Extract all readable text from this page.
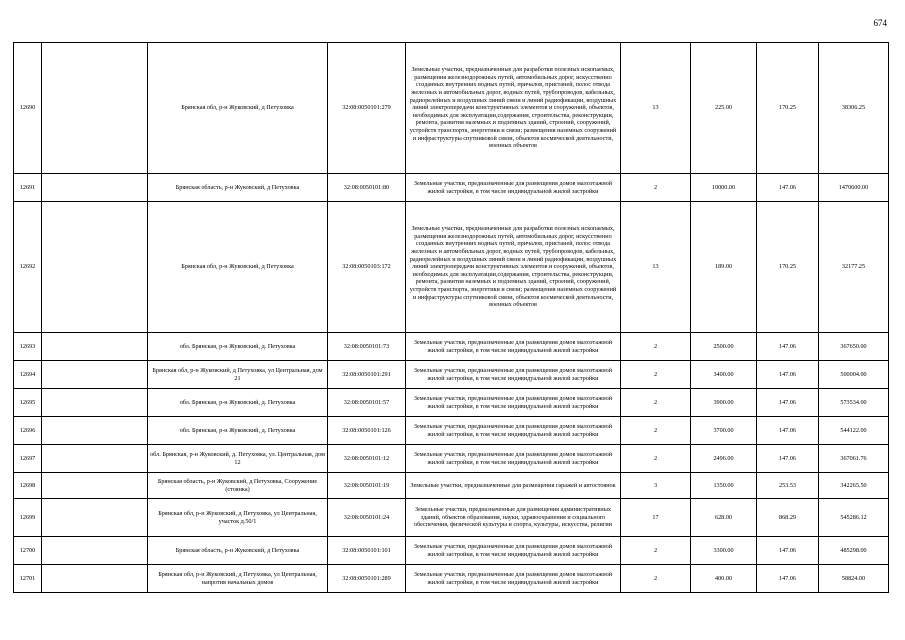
674
12690		Брянская обл, р-н Жуковский, д Петуховка	32:08:0050101:279	Земельные участки, предназначенные для разработки полезных ископаемых, размещения железнодорожных путей, автомобильных дорог, искусственно созданных внутренних водных путей, причалов, пристаней, полос отвода железных и автомобильных дорог, водных путей, трубопроводов, кабельных, радиорелейных и воздушных линий связи и линий радиофикации, воздушных линий электропередачи конструктивных элементов и сооружений, объектов, необходимых для эксплуатации,содержания, строительства, реконструкции, ремонта, развития наземных и подземных зданий, строений, сооружений, устройств транспорта, энергетики и связи; размещения наземных сооружений и инфраструктуры спутниковой связи, объектов космической деятельности, военных объектов	13	225.00	170.25	38306.25
12691		Брянская область, р-н Жуковский, д Петуховка	32:08:0050101:80	Земельные участки, предназначенные для размещения домов малоэтажной жилой застройки, в том числе индивидуальной жилой застройки	2	10000.00	147.06	1470600.00
12692		Брянская обл, р-н Жуковский, д Петуховка	32:08:0050103:172	Земельные участки, предназначенные для разработки полезных ископаемых, размещения железнодорожных путей, автомобильных дорог, искусственно созданных внутренних водных путей, причалов, пристаней, полос отвода железных и автомобильных дорог, водных путей, трубопроводов, кабельных, радиорелейных и воздушных линий связи и линий радиофикации, воздушных линий электропередачи конструктивных элементов и сооружений, объектов, необходимых для эксплуатации,содержания, строительства, реконструкции, ремонта, развития наземных и подземных зданий, строений, сооружений, устройств транспорта, энергетики и связи; размещения наземных сооружений и инфраструктуры спутниковой связи, объектов космической деятельности, военных объектов	13	189.00	170.25	32177.25
12693		обл. Брянская, р-н Жуковский, д. Петуховка	32:08:0050101:73	Земельные участки, предназначенные для размещения домов малоэтажной жилой застройки, в том числе индивидуальной жилой застройки	2	2500.00	147.06	367650.00
12694		Брянская обл, р-н Жуковский, д Петуховка, ул Центральная, дом 21	32:08:0050101:291	Земельные участки, предназначенные для размещения домов малоэтажной жилой застройки, в том числе индивидуальной жилой застройки	2	3400.00	147.06	500004.00
12695		обл. Брянская, р-н Жуковский, д. Петуховка	32:08:0050101:57	Земельные участки, предназначенные для размещения домов малоэтажной жилой застройки, в том числе индивидуальной жилой застройки	2	3900.00	147.06	573534.00
12696		обл. Брянская, р-н Жуковский, д. Петуховка	32:08:0050101:126	Земельные участки, предназначенные для размещения домов малоэтажной жилой застройки, в том числе индивидуальной жилой застройки	2	3700.00	147.06	544122.00
12697		обл. Брянская, р-н Жуковский, д. Петуховка, ул. Центральная, дом 12	32:08:0050101:12	Земельные участки, предназначенные для размещения домов малоэтажной жилой застройки, в том числе индивидуальной жилой застройки	2	2496.00	147.06	367061.76
12698		Брянская область, р-н Жуковский, д Петуховка, Сооружение (стоянка)	32:08:0050101:19	Земельные участки, предназначенные для размещения гаражей и автостоянок	3	1350.00	253.53	342265.50
12699		Брянская обл, р-н Жуковский, д Петуховка, ул Центральная, участок д.50/1	32:08:0050101:24	Земельные участки, предназначенные для размещения административных зданий, объектов образования, науки, здравоохранения и социального обеспечения, физической культуры и спорта, культуры, искусства, религии	17	628.00	868.29	545286.12
12700		Брянская область, р-н Жуковский, д Петуховка	32:08:0050101:101	Земельные участки, предназначенные для размещения домов малоэтажной жилой застройки, в том числе индивидуальной жилой застройки	2	3300.00	147.06	485298.00
12701		Брянская обл, р-н Жуковский, д Петуховка, ул Центральная, напротив начальных домов	32:08:0050101:289	Земельные участки, предназначенные для размещения домов малоэтажной жилой застройки, в том числе индивидуальной жилой застройки	2	400.00	147.06	58824.00
